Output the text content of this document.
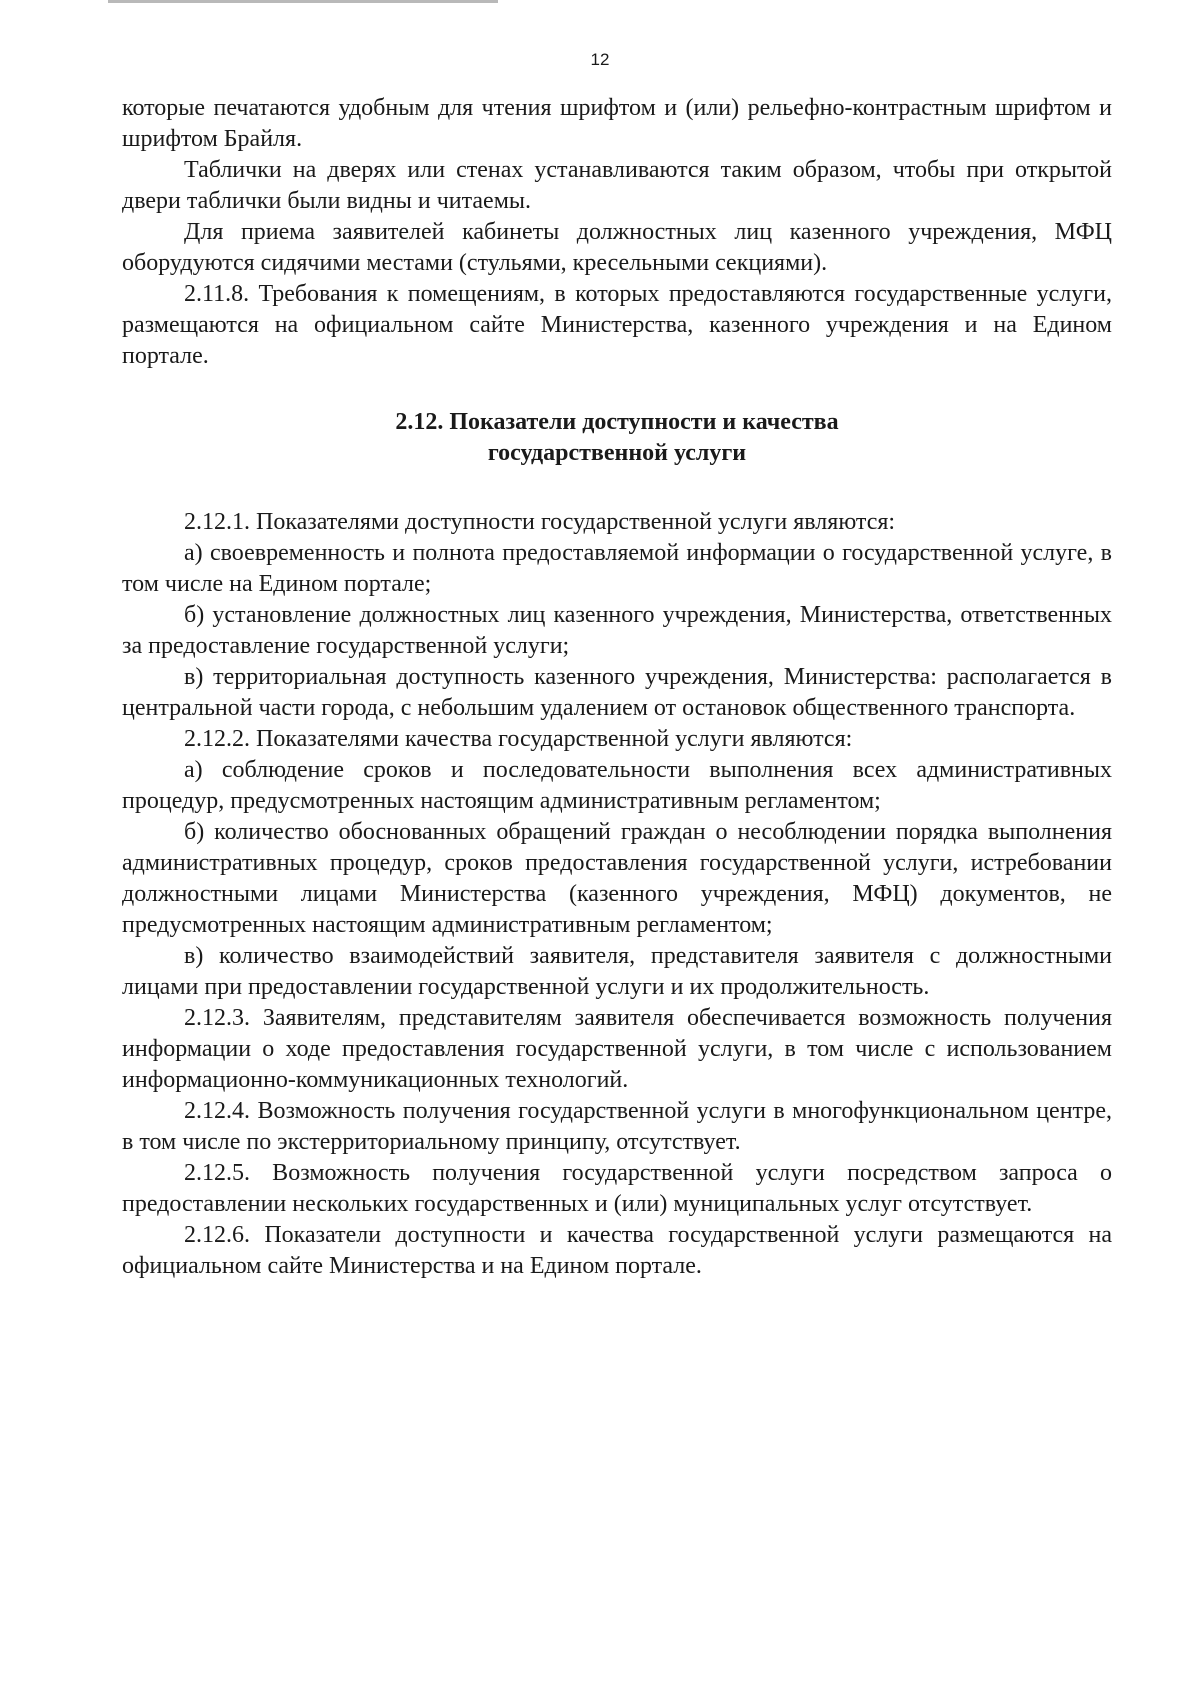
12

которые печатаются удобным для чтения шрифтом и (или) рельефно-контрастным шрифтом и шрифтом Брайля.

Таблички на дверях или стенах устанавливаются таким образом, чтобы при открытой двери таблички были видны и читаемы.

Для приема заявителей кабинеты должностных лиц казенного учреждения, МФЦ оборудуются сидячими местами (стульями, кресельными секциями).

2.11.8. Требования к помещениям, в которых предоставляются государственные услуги, размещаются на официальном сайте Министерства, казенного учреждения и на Едином портале.

2.12. Показатели доступности и качества
государственной услуги

2.12.1. Показателями доступности государственной услуги являются:

а) своевременность и полнота предоставляемой информации о государственной услуге, в том числе на Едином портале;

б) установление должностных лиц казенного учреждения, Министерства, ответственных за предоставление государственной услуги;

в) территориальная доступность казенного учреждения, Министерства: располагается в центральной части города, с небольшим удалением от остановок общественного транспорта.

2.12.2. Показателями качества государственной услуги являются:

а) соблюдение сроков и последовательности выполнения всех административных процедур, предусмотренных настоящим административным регламентом;

б) количество обоснованных обращений граждан о несоблюдении порядка выполнения административных процедур, сроков предоставления государственной услуги, истребовании должностными лицами Министерства (казенного учреждения, МФЦ) документов, не предусмотренных настоящим административным регламентом;

в) количество взаимодействий заявителя, представителя заявителя с должностными лицами при предоставлении государственной услуги и их продолжительность.

2.12.3. Заявителям, представителям заявителя обеспечивается возможность получения информации о ходе предоставления государственной услуги, в том числе с использованием информационно-коммуникационных технологий.

2.12.4. Возможность получения государственной услуги в многофункциональном центре, в том числе по экстерриториальному принципу, отсутствует.

2.12.5. Возможность получения государственной услуги посредством запроса о предоставлении нескольких государственных и (или) муниципальных услуг отсутствует.

2.12.6. Показатели доступности и качества государственной услуги размещаются на официальном сайте Министерства и на Едином портале.
